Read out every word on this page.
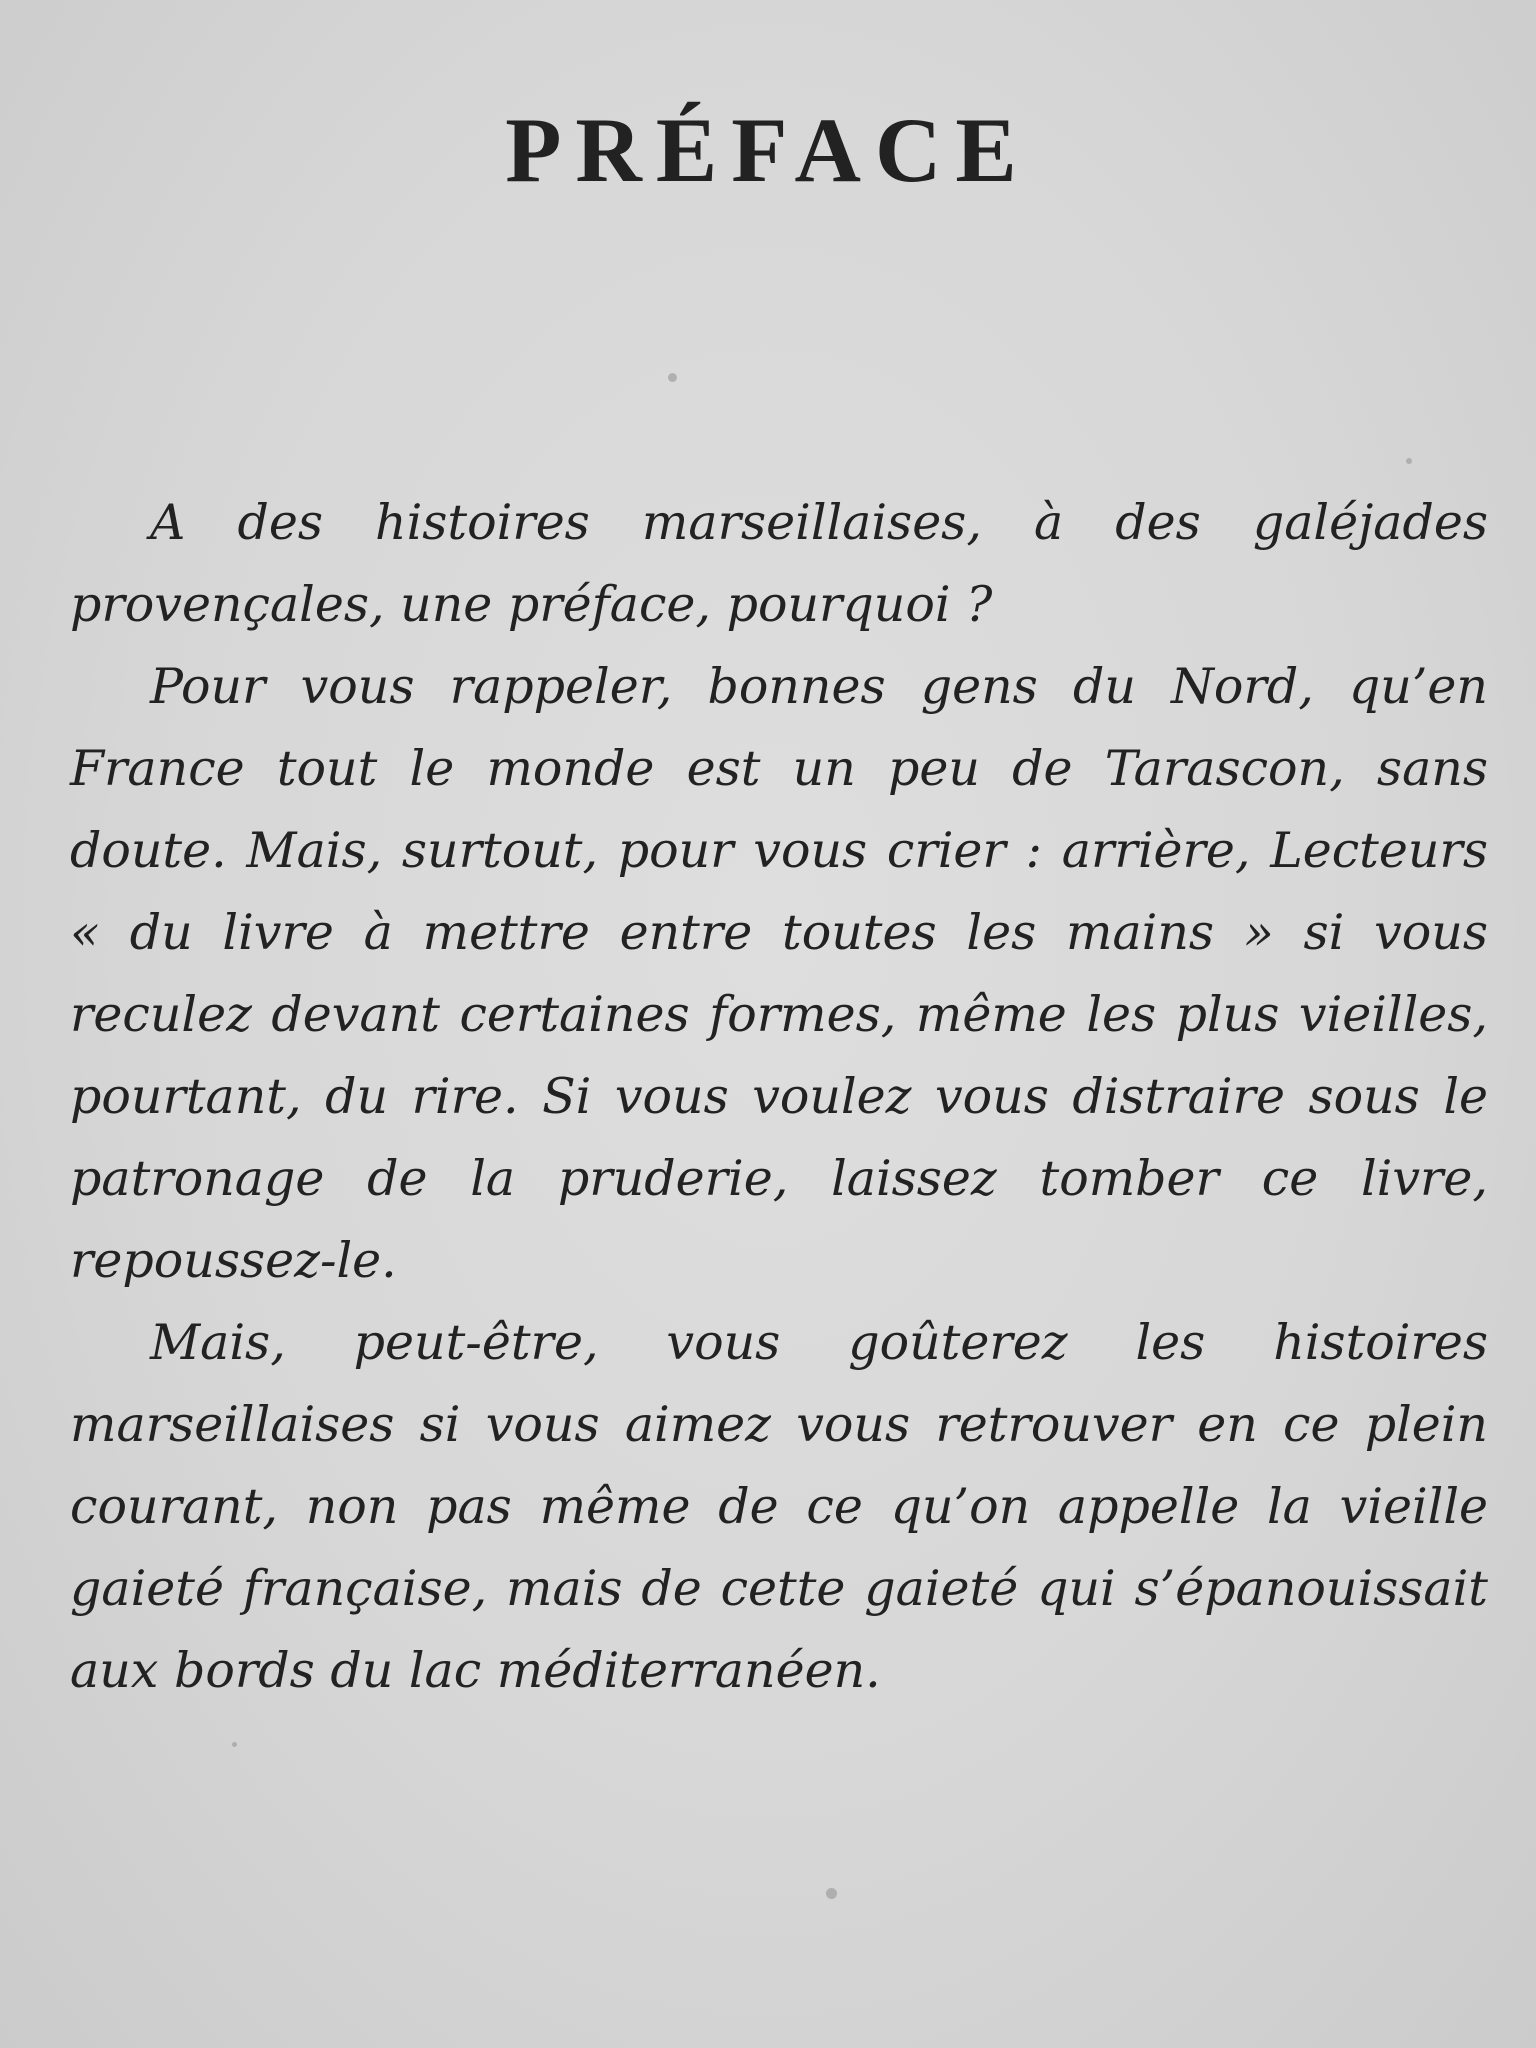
PRÉFACE

A des histoires marseillaises, à des galéjades provençales, une préface, pourquoi ?

Pour vous rappeler, bonnes gens du Nord, qu’en France tout le monde est un peu de Tarascon, sans doute. Mais, surtout, pour vous crier : arrière, Lecteurs « du livre à mettre entre toutes les mains » si vous reculez devant certaines formes, même les plus vieilles, pourtant, du rire. Si vous voulez vous distraire sous le patronage de la pruderie, laissez tomber ce livre, repoussez-le.

Mais, peut-être, vous goûterez les histoires marseillaises si vous aimez vous retrouver en ce plein courant, non pas même de ce qu’on appelle la vieille gaieté française, mais de cette gaieté qui s’épanouissait aux bords du lac méditerranéen.
